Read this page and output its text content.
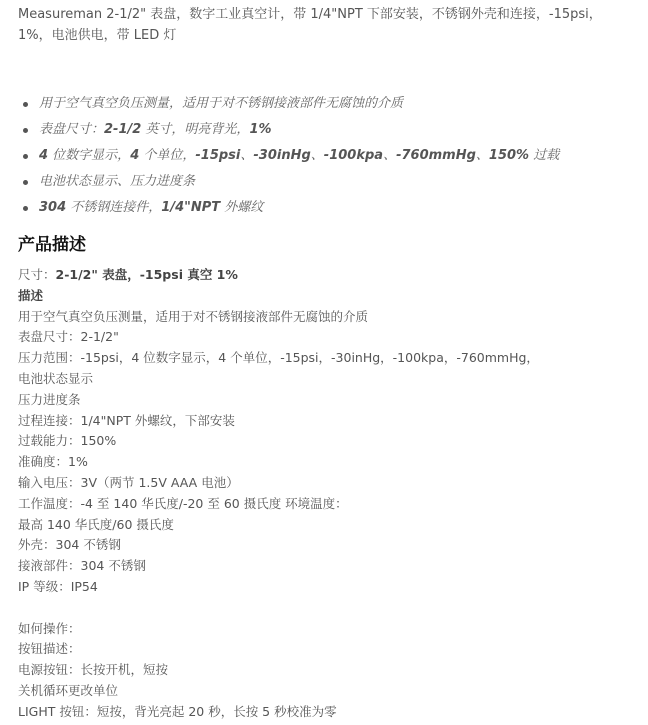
Measureman 2-1/2" 表盘，数字工业真空计，带 1/4"NPT 下部安装，不锈钢外壳和连接，-15psi，
1%，电池供电，带 LED 灯
用于空气真空负压测量，适用于对不锈钢接液部件无腐蚀的介质
表盘尺寸：2-1/2 英寸，明亮背光，1%
4 位数字显示，4 个单位，-15psi、-30inHg、-100kpa、-760mmHg、150% 过载
电池状态显示、压力进度条
304 不锈钢连接件，1/4"NPT 外螺纹
产品描述
尺寸：2-1/2" 表盘，-15psi 真空 1%
描述
用于空气真空负压测量，适用于对不锈钢接液部件无腐蚀的介质
表盘尺寸：2-1/2"
压力范围：-15psi，4 位数字显示，4 个单位，-15psi，-30inHg，-100kpa，-760mmHg，
电池状态显示
压力进度条
过程连接：1/4"NPT 外螺纹，下部安装
过载能力：150%
准确度：1%
输入电压：3V（两节 1.5V AAA 电池）
工作温度：-4 至 140 华氏度/-20 至 60 摄氏度 环境温度：
最高 140 华氏度/60 摄氏度
外壳：304 不锈钢
接液部件：304 不锈钢
IP 等级：IP54
如何操作：
按钮描述：
电源按钮：长按开机，短按
关机循环更改单位
LIGHT 按钮：短按，背光亮起 20 秒，长按 5 秒校准为零
